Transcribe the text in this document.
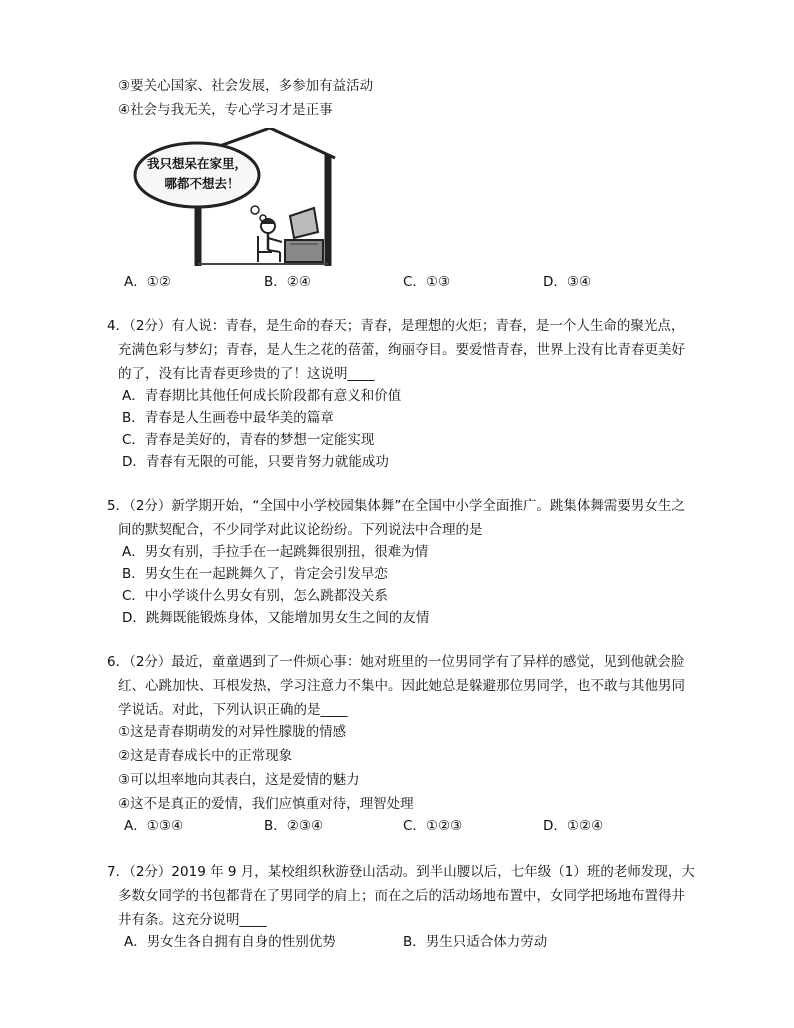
③要关心国家、社会发展，多参加有益活动
④社会与我无关，专心学习才是正事
我只想呆在家里，
哪都不想去！
A．①②	B．②④	C．①③	D．③④
4．（2分）有人说：青春，是生命的春天；青春，是理想的火炬；青春，是一个人生命的聚光点，
充满色彩与梦幻；青春，是人生之花的蓓蕾，绚丽夺目。要爱惜青春，世界上没有比青春更美好
的了，没有比青春更珍贵的了！这说明____
A．青春期比其他任何成长阶段都有意义和价值
B．青春是人生画卷中最华美的篇章
C．青春是美好的，青春的梦想一定能实现
D．青春有无限的可能，只要肯努力就能成功
5．（2分）新学期开始，“全国中小学校园集体舞”在全国中小学全面推广。跳集体舞需要男女生之
间的默契配合，不少同学对此议论纷纷。下列说法中合理的是
A．男女有别，手拉手在一起跳舞很别扭，很难为情
B．男女生在一起跳舞久了，肯定会引发早恋
C．中小学谈什么男女有别，怎么跳都没关系
D．跳舞既能锻炼身体，又能增加男女生之间的友情
6．（2分）最近，童童遇到了一件烦心事：她对班里的一位男同学有了异样的感觉，见到他就会脸
红、心跳加快、耳根发热，学习注意力不集中。因此她总是躲避那位男同学，也不敢与其他男同
学说话。对此，下列认识正确的是____
①这是青春期萌发的对异性朦胧的情感
②这是青春成长中的正常现象
③可以坦率地向其表白，这是爱情的魅力
④这不是真正的爱情，我们应慎重对待，理智处理
A．①③④	B．②③④	C．①②③	D．①②④
7．（2分）2019 年 9 月，某校组织秋游登山活动。到半山腰以后，七年级（1）班的老师发现，大
多数女同学的书包都背在了男同学的肩上；而在之后的活动场地布置中，女同学把场地布置得井
井有条。这充分说明____
A．男女生各自拥有自身的性别优势	B．男生只适合体力劳动
